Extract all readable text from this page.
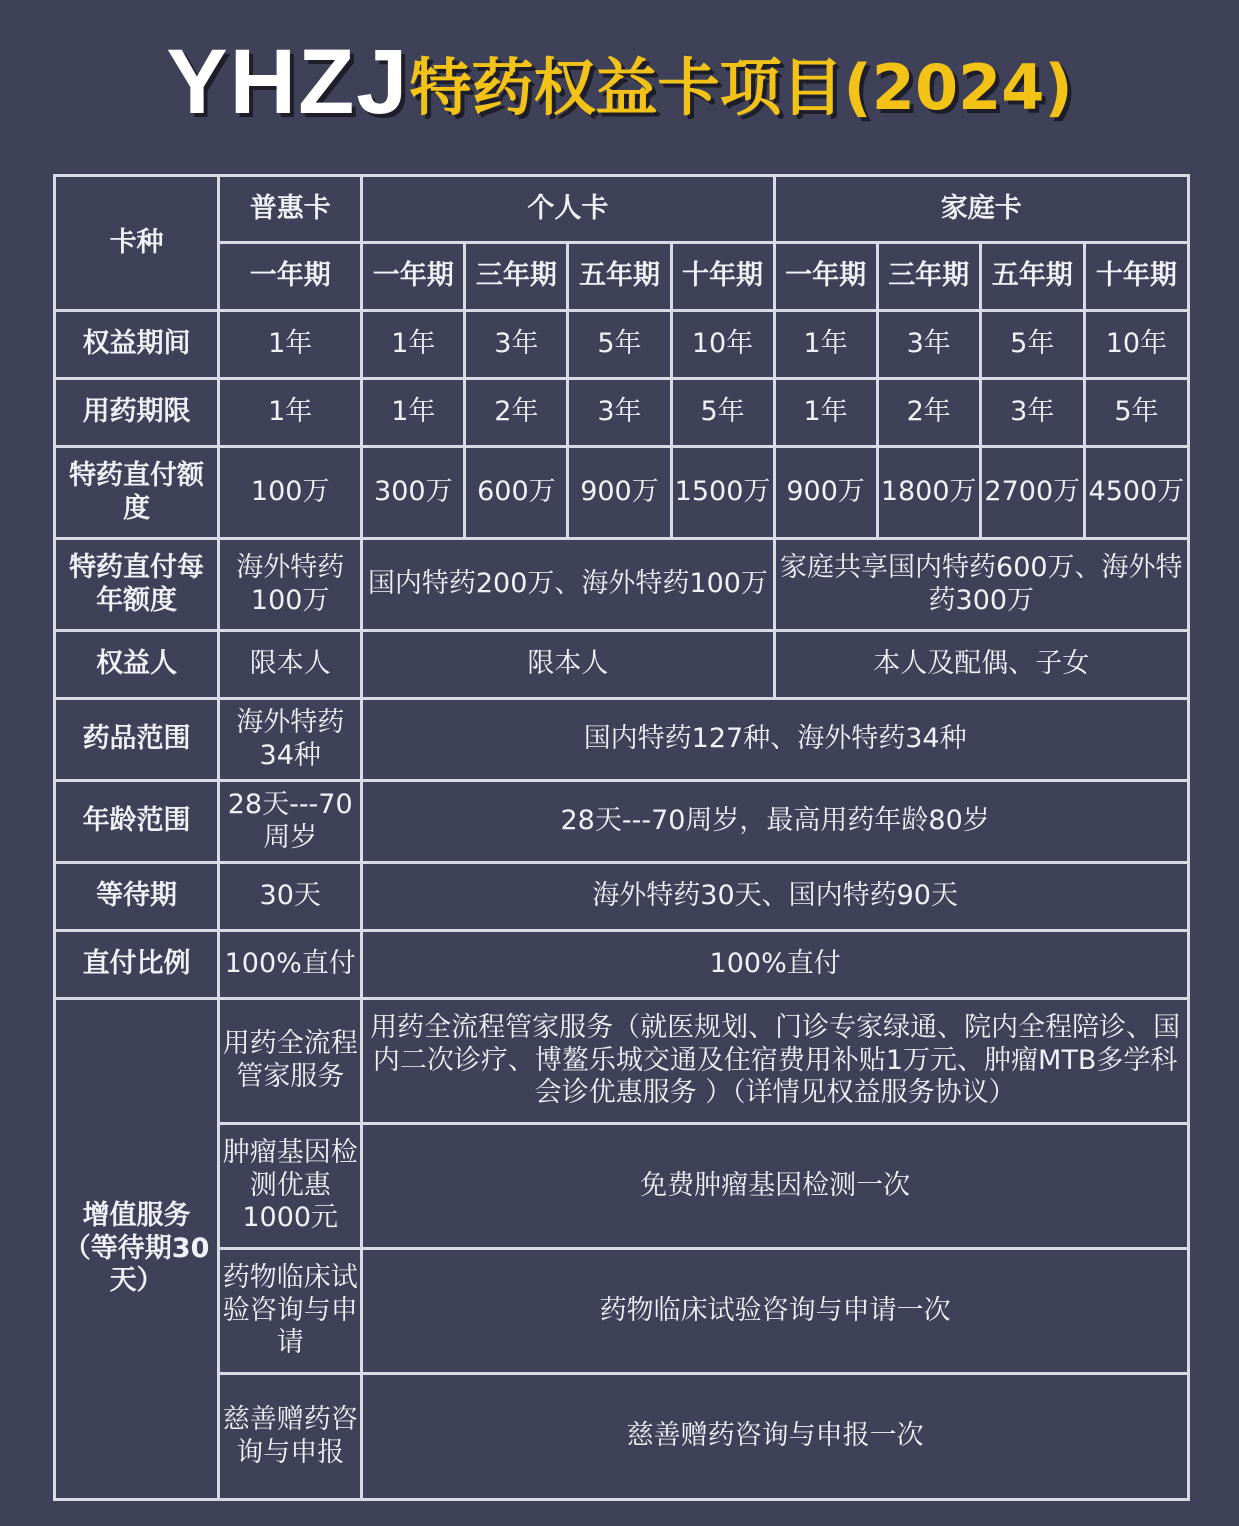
YHZJ特药权益卡项目(2024)
卡种	普惠卡	个人卡				家庭卡			
	一年期	一年期	三年期	五年期	十年期	一年期	三年期	五年期	十年期
权益期间	1年	1年	3年	5年	10年	1年	3年	5年	10年
用药期限	1年	1年	2年	3年	5年	1年	2年	3年	5年
特药直付额度	100万	300万	600万	900万	1500万	900万	1800万	2700万	4500万
特药直付每年额度	海外特药100万	国内特药200万、海外特药100万				家庭共享国内特药600万、海外特药300万			
权益人	限本人	限本人				本人及配偶、子女			
药品范围	海外特药34种	国内特药127种、海外特药34种							
年龄范围	28天---70周岁	28天---70周岁，最高用药年龄80岁							
等待期	30天	海外特药30天、国内特药90天							
直付比例	100%直付	100%直付							
增值服务（等待期30天）	用药全流程管家服务	用药全流程管家服务（就医规划、门诊专家绿通、院内全程陪诊、国内二次诊疗、博鳌乐城交通及住宿费用补贴1万元、肿瘤MTB多学科会诊优惠服务 ）（详情见权益服务协议）							
	肿瘤基因检测优惠1000元	免费肿瘤基因检测一次							
	药物临床试验咨询与申请	药物临床试验咨询与申请一次							
	慈善赠药咨询与申报	慈善赠药咨询与申报一次							
